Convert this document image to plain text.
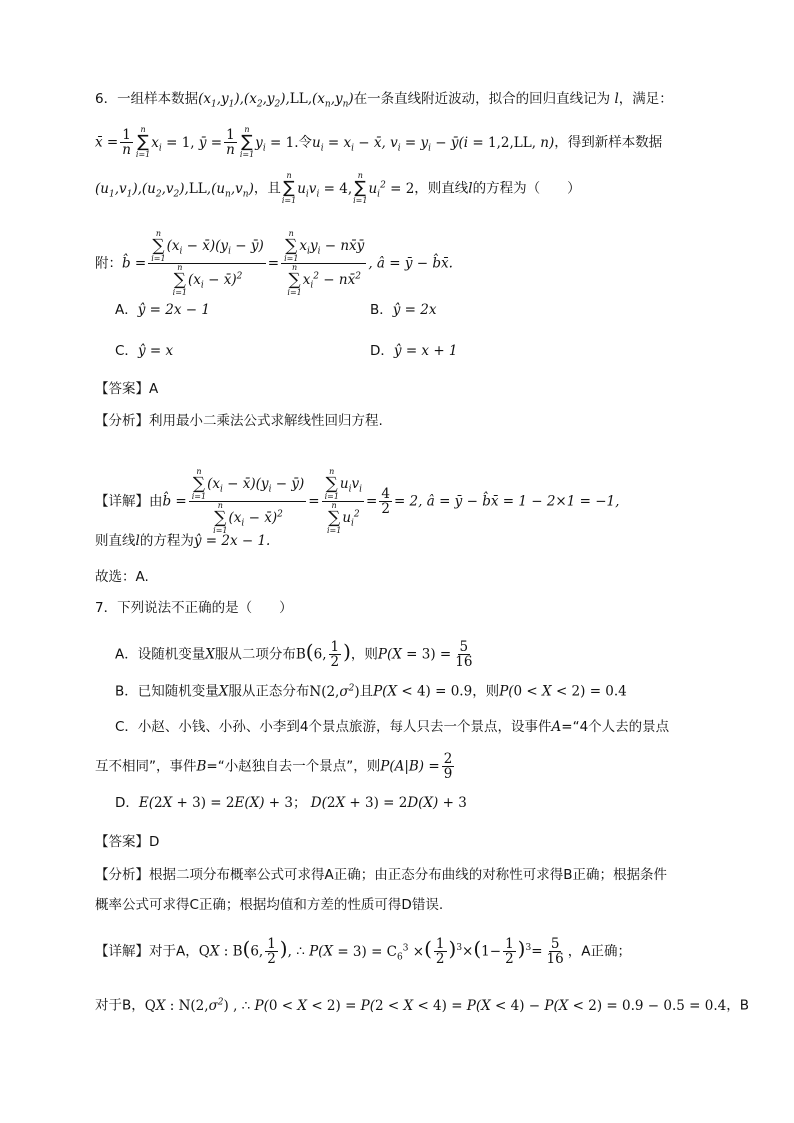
6．一组样本数据$(x_1,y_1),(x_2,y_2),LL,(x_n,y_n)$在一条直线附近波动，拟合的回归直线记为 l，满足：
x̄ = $\frac{1}{n}$ n
∑
i=1
$x_i = 1$, ȳ = $\frac{1}{n}$ n
∑
i=1
$y_i = 1$.令$u_i = x_i$ − x̄, $v_i = y_i$ − ȳ(i = 1,2,LL, n)，得到新样本数据
$(u_1,v_1),(u_2,v_2),LL,(u_n,v_n)$，且
n
∑
i=1
$u_iv_i = 4$,
n
∑
i=1
$u_i^2 = 2$，则直线l的方程为（　　）
附：b̂ = n
∑
i=1
($x_i$ − $x̄)(y_i$ − ȳ)
n
∑
i=1
($x_i$ − x̄)$^2$ = n
∑
i=1
$x_iy_i$ − nx̄ȳ
n
∑
i=1
$x_i^2$ − nx̄$^2$ , â = ȳ − b̂x̄.
A．ŷ = 2x − 1	B．ŷ = 2x
C．ŷ = x	D．ŷ = x + 1
【答案】A
【分析】利用最小二乘法公式求解线性回归方程.
【详解】由b̂ = n
∑
i=1
($x_i$ − $x̄)(y_i$ − ȳ)
n
∑
i=1
($x_i$ − x̄)$^2$ = n
∑
i=1
$u_iv_i$
n
∑
i=1
$u_i^2 = \frac{4}{2} = 2$, â = ȳ − b̂x̄ = 1 − 2×1 = −1,
则直线l的方程为ŷ = 2x − 1.
故选：A.
7．下列说法不正确的是（　　）
A．设随机变量X服从二项分布B(6, $\frac{1}{2}$ )，则$P(X = 3) = \frac{5}{16}$
B．已知随机变量X服从正态分布$N(2,\sigma^2)$且P(X < 4) = 0.9，则P(0 < X < 2) = 0.4
C．小赵、小钱、小孙、小李到4个景点旅游，每人只去一个景点，设事件A=“4个人去的景点
互不相同”，事件B=“小赵独自去一个景点”，则$P(A|B) = \frac{2}{9}$
D．E(2X + 3) = 2E(X) + 3； D(2X + 3) = 2D(X) + 3
【答案】D
【分析】根据二项分布概率公式可求得A正确；由正态分布曲线的对称性可求得B正确；根据条件
概率公式可求得C正确；根据均值和方差的性质可得D错误.
【详解】对于A，QX : B(6, $\frac{1}{2}$ ), ∴ $P(X = 3) = C_6^3$ ×( $\frac{1}{2} )^3\times(1- \frac{1}{2} )^3= \frac{5}{16}$ ，A正确；
对于B，QX : $N(2,\sigma^2)$ , ∴ P(0 < X < 2) = P(2 < X < 4) = P(X < 4) − P(X < 2) = 0.9 − 0.5 = 0.4，B
